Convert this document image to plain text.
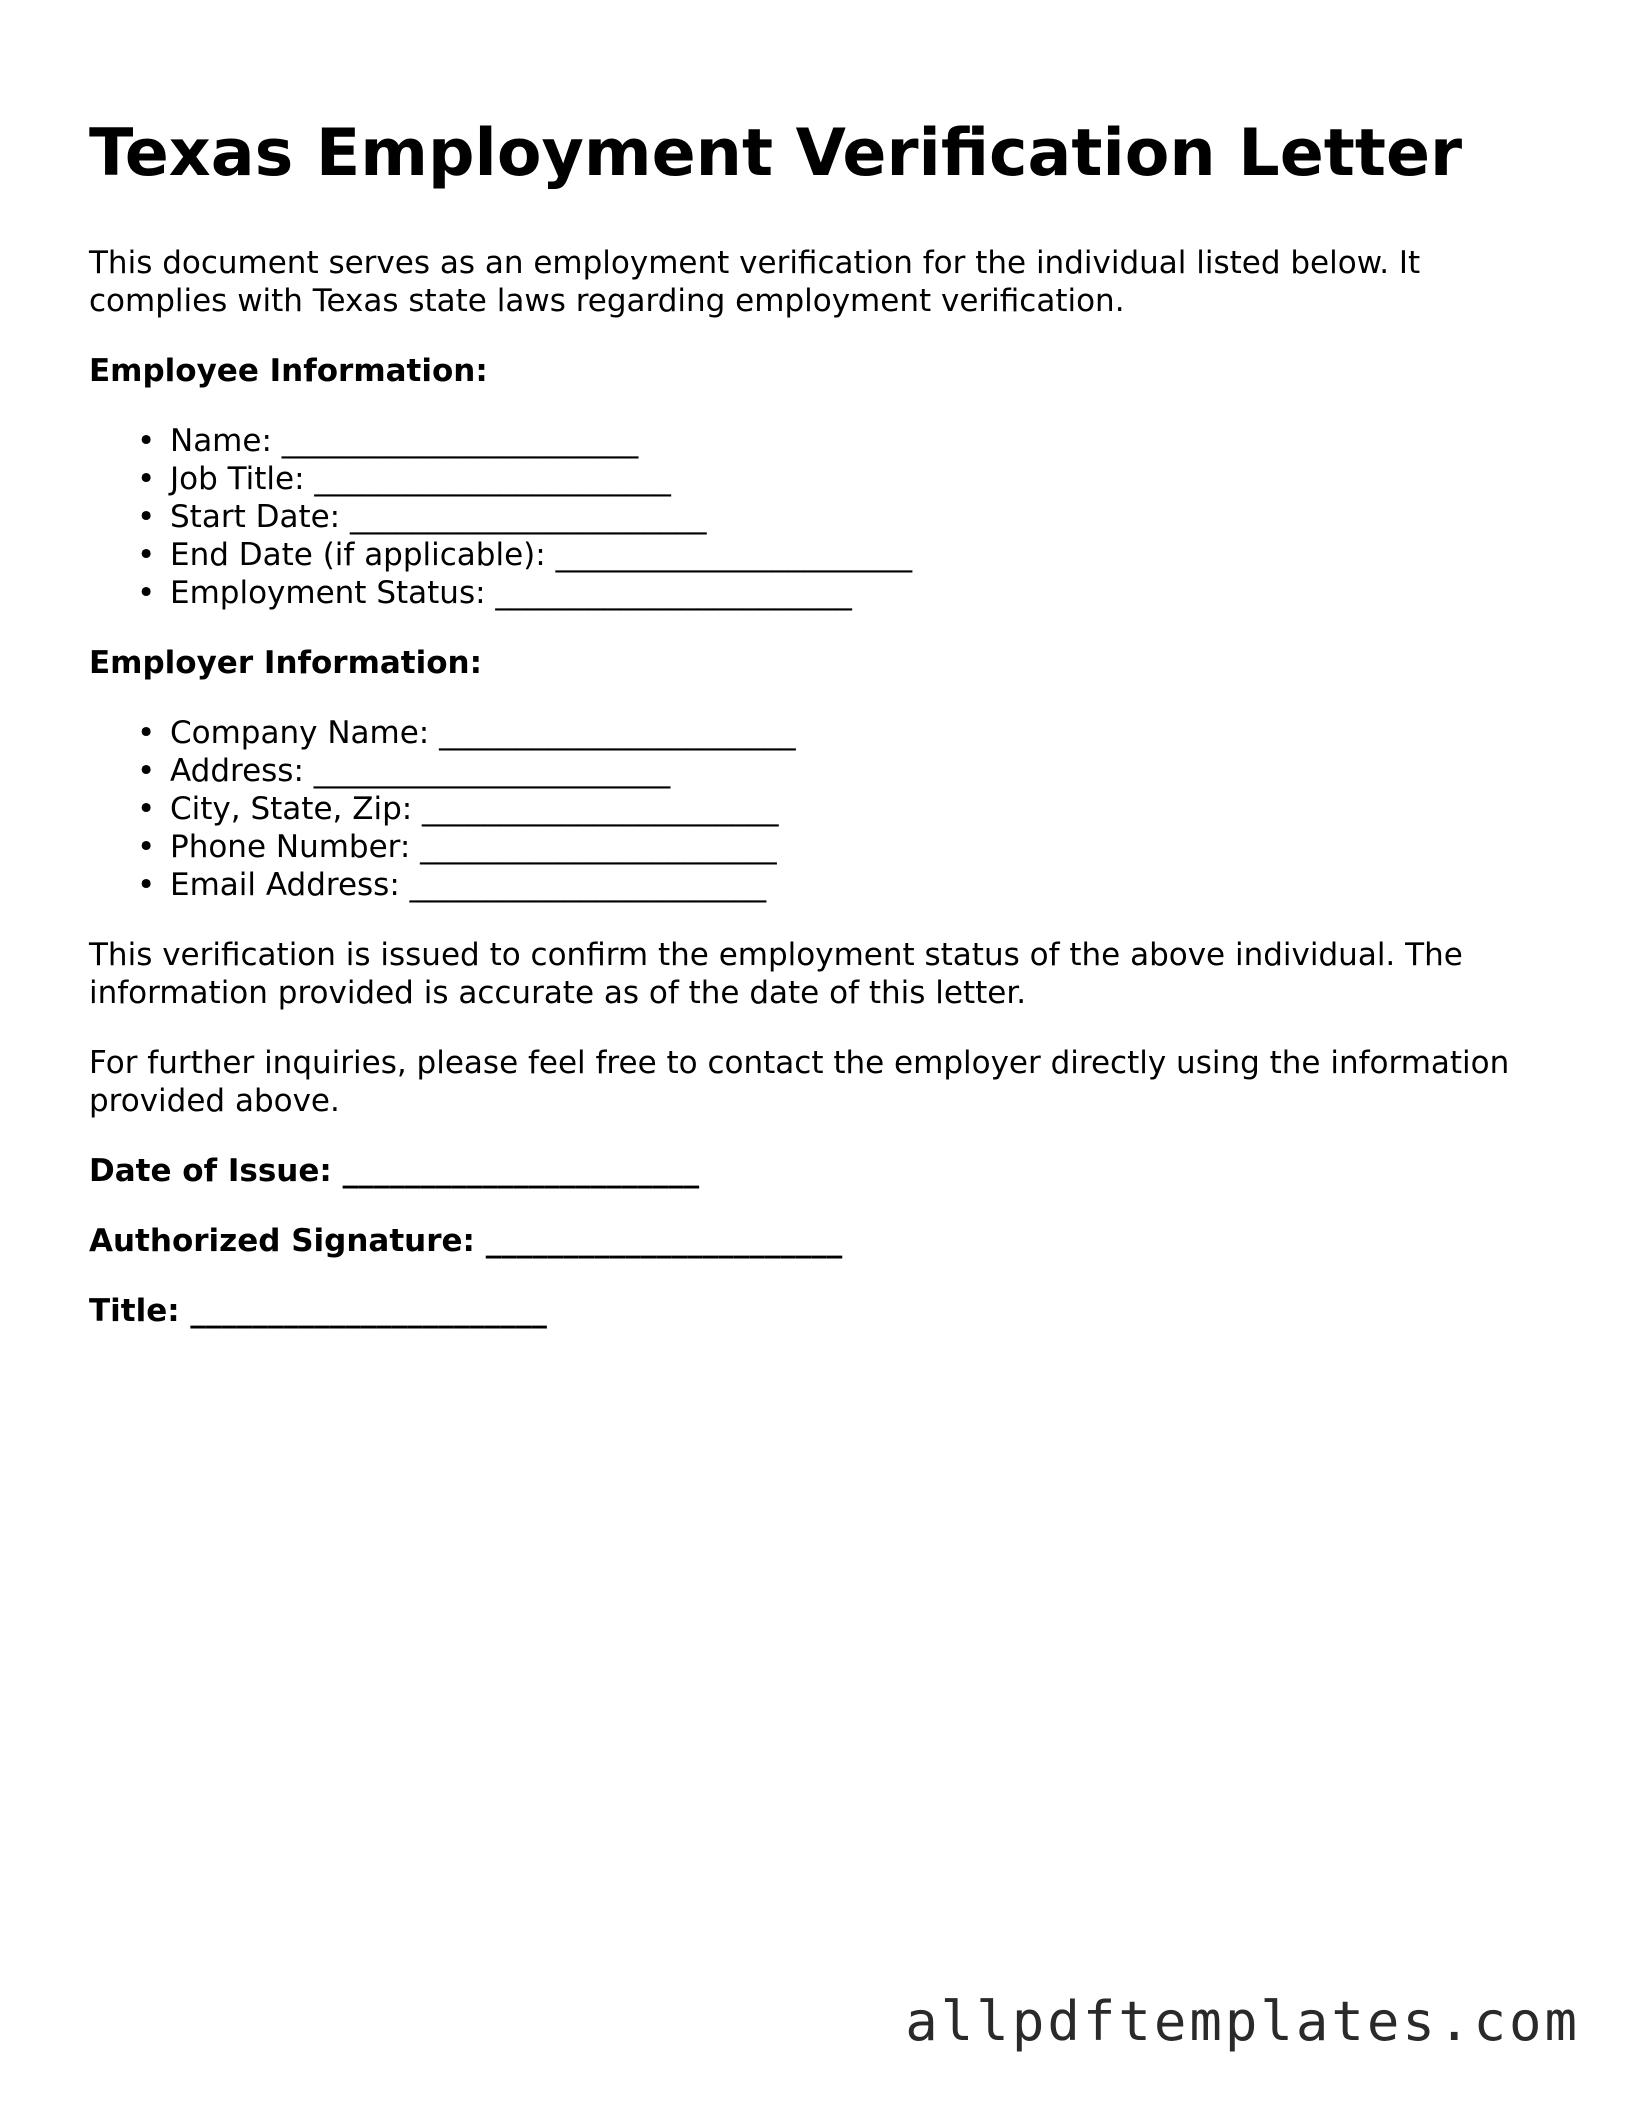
Texas Employment Verification Letter

This document serves as an employment verification for the individual listed below. It complies with Texas state laws regarding employment verification.

Employee Information:

• Name: _______________________
• Job Title: _______________________
• Start Date: _______________________
• End Date (if applicable): _______________________
• Employment Status: _______________________

Employer Information:

• Company Name: _______________________
• Address: _______________________
• City, State, Zip: _______________________
• Phone Number: _______________________
• Email Address: _______________________

This verification is issued to confirm the employment status of the above individual. The information provided is accurate as of the date of this letter.

For further inquiries, please feel free to contact the employer directly using the information provided above.

Date of Issue: _______________________

Authorized Signature: _______________________

Title: _______________________

allpdftemplates.com
